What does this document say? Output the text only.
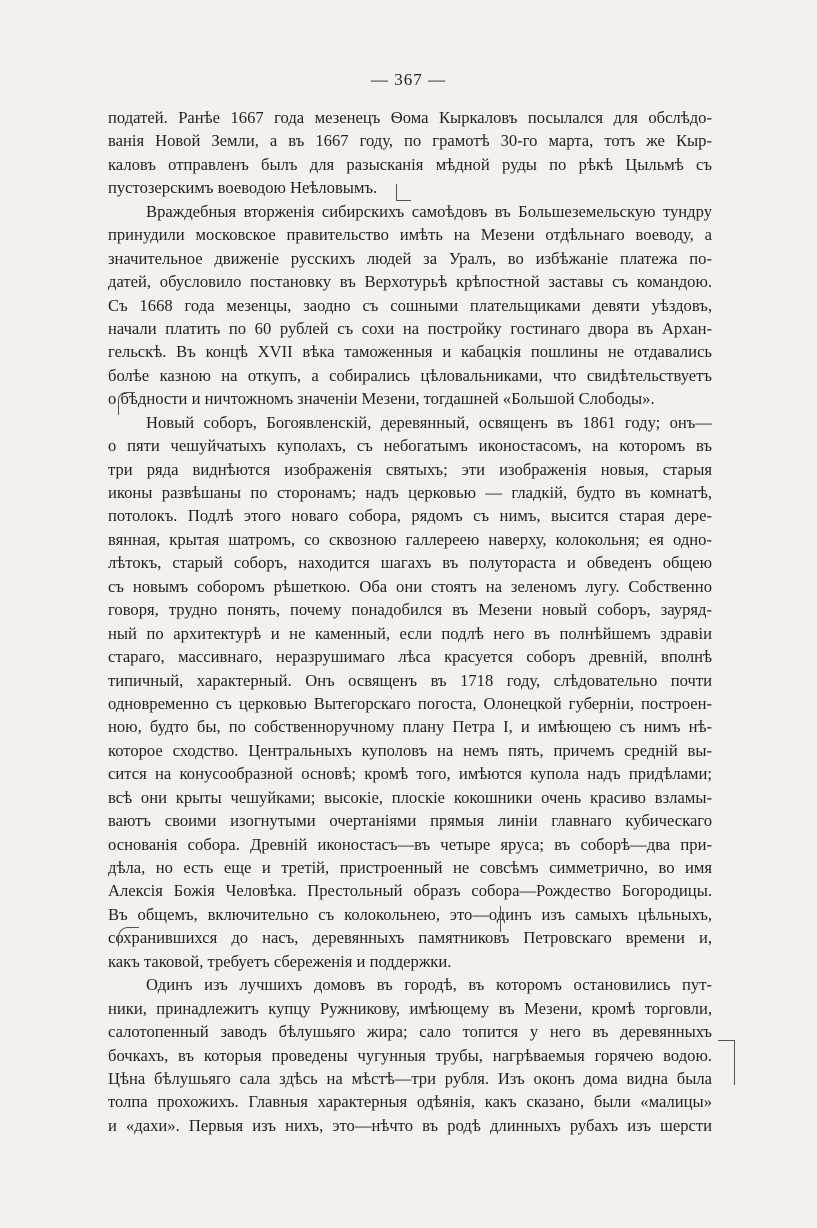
— 367 —
податей. Ранѣе 1667 года мезенецъ Ѳома Кыркаловъ посылался для обслѣдо-
ванія Новой Земли, а въ 1667 году, по грамотѣ 30-го марта, тотъ же Кыр-
каловъ отправленъ былъ для разысканія мѣдной руды по рѣкѣ Цыльмѣ съ
пустозерскимъ воеводою Неѣловымъ.
Враждебныя вторженія сибирскихъ самоѣдовъ въ Большеземельскую тундру
принудили московское правительство имѣть на Мезени отдѣльнаго воеводу, а
значительное движеніе русскихъ людей за Уралъ, во избѣжаніе платежа по-
датей, обусловило постановку въ Верхотурьѣ крѣпостной заставы съ командою.
Съ 1668 года мезенцы, заодно съ сошными плательщиками девяти уѣздовъ,
начали платить по 60 рублей съ сохи на постройку гостинаго двора въ Архан-
гельскѣ. Въ концѣ XVII вѣка таможенныя и кабацкія пошлины не отдавались
болѣе казною на откупъ, а собирались цѣловальниками, что свидѣтельствуетъ
о бѣдности и ничтожномъ значеніи Мезени, тогдашней «Большой Слободы».
Новый соборъ, Богоявленскій, деревянный, освященъ въ 1861 году; онъ—
о пяти чешуйчатыхъ куполахъ, съ небогатымъ иконостасомъ, на которомъ въ
три ряда виднѣются изображенія святыхъ; эти изображенія новыя, старыя
иконы развѣшаны по сторонамъ; надъ церковью — гладкій, будто въ комнатѣ,
потолокъ. Подлѣ этого новаго собора, рядомъ съ нимъ, высится старая дере-
вянная, крытая шатромъ, со сквозною галлереею наверху, колокольня; ея одно-
лѣтокъ, старый соборъ, находится шагахъ въ полутораста и обведенъ общею
съ новымъ соборомъ рѣшеткою. Оба они стоятъ на зеленомъ лугу. Собственно
говоря, трудно понять, почему понадобился въ Мезени новый соборъ, зауряд-
ный по архитектурѣ и не каменный, если подлѣ него въ полнѣйшемъ здравіи
стараго, массивнаго, неразрушимаго лѣса красуется соборъ древній, вполнѣ
типичный, характерный. Онъ освященъ въ 1718 году, слѣдовательно почти
одновременно съ церковью Вытегорскаго погоста, Олонецкой губерніи, построен-
ною, будто бы, по собственноручному плану Петра I, и имѣющею съ нимъ нѣ-
которое сходство. Центральныхъ куполовъ на немъ пять, причемъ средній вы-
сится на конусообразной основѣ; кромѣ того, имѣются купола надъ придѣлами;
всѣ они крыты чешуйками; высокіе, плоскіе кокошники очень красиво взламы-
ваютъ своими изогнутыми очертаніями прямыя линіи главнаго кубическаго
основанія собора. Древній иконостасъ—въ четыре яруса; въ соборѣ—два при-
дѣла, но есть еще и третій, пристроенный не совсѣмъ симметрично, во имя
Алексія Божія Человѣка. Престольный образъ собора—Рождество Богородицы.
Въ общемъ, включительно съ колокольнею, это—одинъ изъ самыхъ цѣльныхъ,
сохранившихся до насъ, деревянныхъ памятниковъ Петровскаго времени и,
какъ таковой, требуетъ сбереженія и поддержки.
Одинъ изъ лучшихъ домовъ въ городѣ, въ которомъ остановились пут-
ники, принадлежитъ купцу Ружникову, имѣющему въ Мезени, кромѣ торговли,
салотопенный заводъ бѣлушьяго жира; сало топится у него въ деревянныхъ
бочкахъ, въ которыя проведены чугунныя трубы, нагрѣваемыя горячею водою.
Цѣна бѣлушьяго сала здѣсь на мѣстѣ—три рубля. Изъ оконъ дома видна была
толпа прохожихъ. Главныя характерныя одѣянія, какъ сказано, были «малицы»
и «дахи». Первыя изъ нихъ, это—нѣчто въ родѣ длинныхъ рубахъ изъ шерсти
